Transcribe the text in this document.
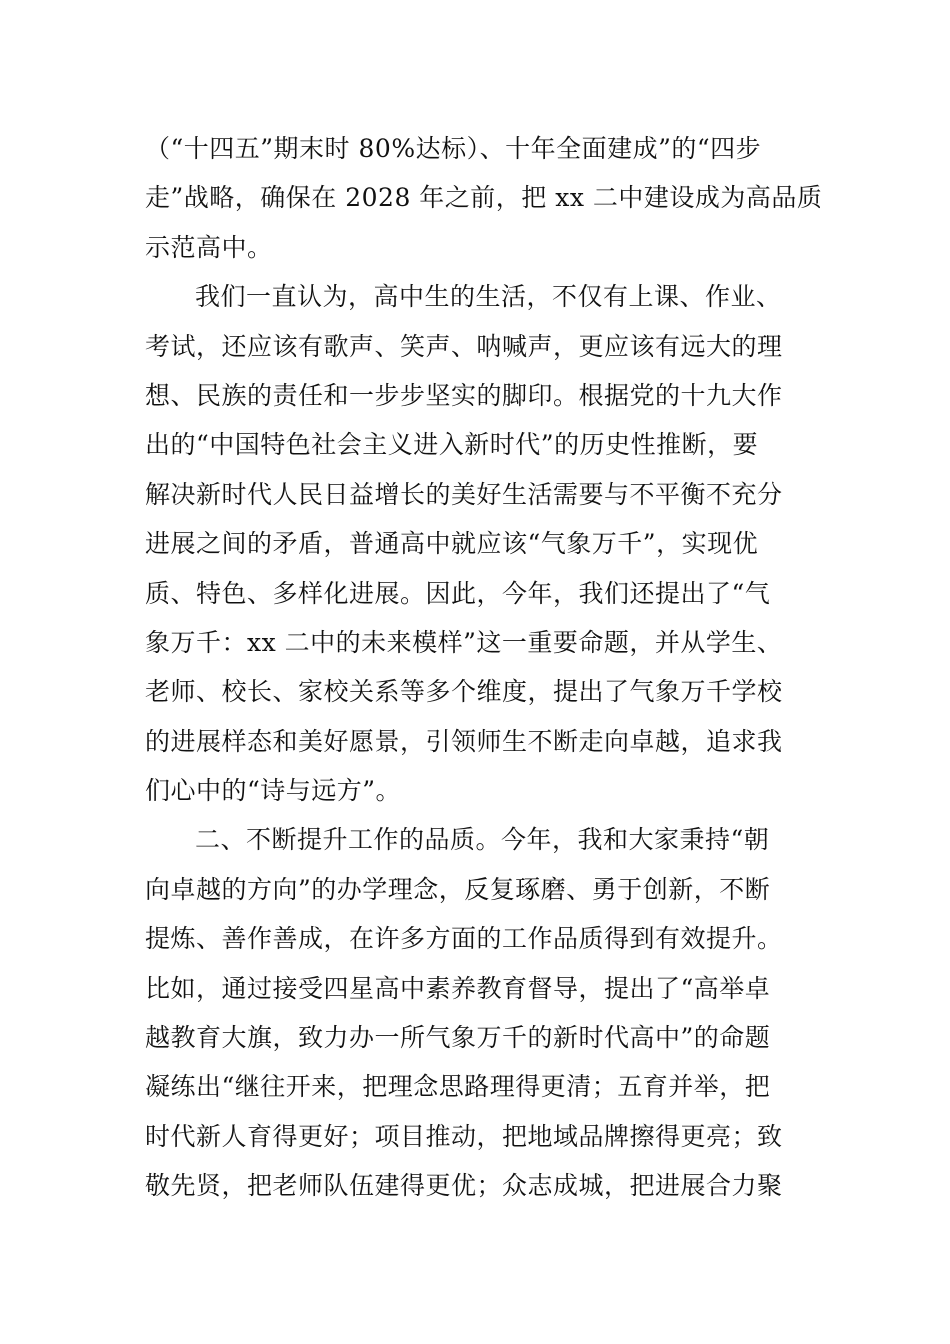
（“十四五”期末时 80%达标）、十年全面建成”的“四步
走”战略，确保在 2028 年之前，把 xx 二中建设成为高品质
示范高中。
我们一直认为，高中生的生活，不仅有上课、作业、
考试，还应该有歌声、笑声、呐喊声，更应该有远大的理
想、民族的责任和一步步坚实的脚印。根据党的十九大作
出的“中国特色社会主义进入新时代”的历史性推断，要
解决新时代人民日益增长的美好生活需要与不平衡不充分
进展之间的矛盾，普通高中就应该“气象万千”，实现优
质、特色、多样化进展。因此，今年，我们还提出了“气
象万千：xx 二中的未来模样”这一重要命题，并从学生、
老师、校长、家校关系等多个维度，提出了气象万千学校
的进展样态和美好愿景，引领师生不断走向卓越，追求我
们心中的“诗与远方”。
二、不断提升工作的品质。今年，我和大家秉持“朝
向卓越的方向”的办学理念，反复琢磨、勇于创新，不断
提炼、善作善成，在许多方面的工作品质得到有效提升。
比如，通过接受四星高中素养教育督导，提出了“高举卓
越教育大旗，致力办一所气象万千的新时代高中”的命题
凝练出“继往开来，把理念思路理得更清；五育并举，把
时代新人育得更好；项目推动，把地域品牌擦得更亮；致
敬先贤，把老师队伍建得更优；众志成城，把进展合力聚
